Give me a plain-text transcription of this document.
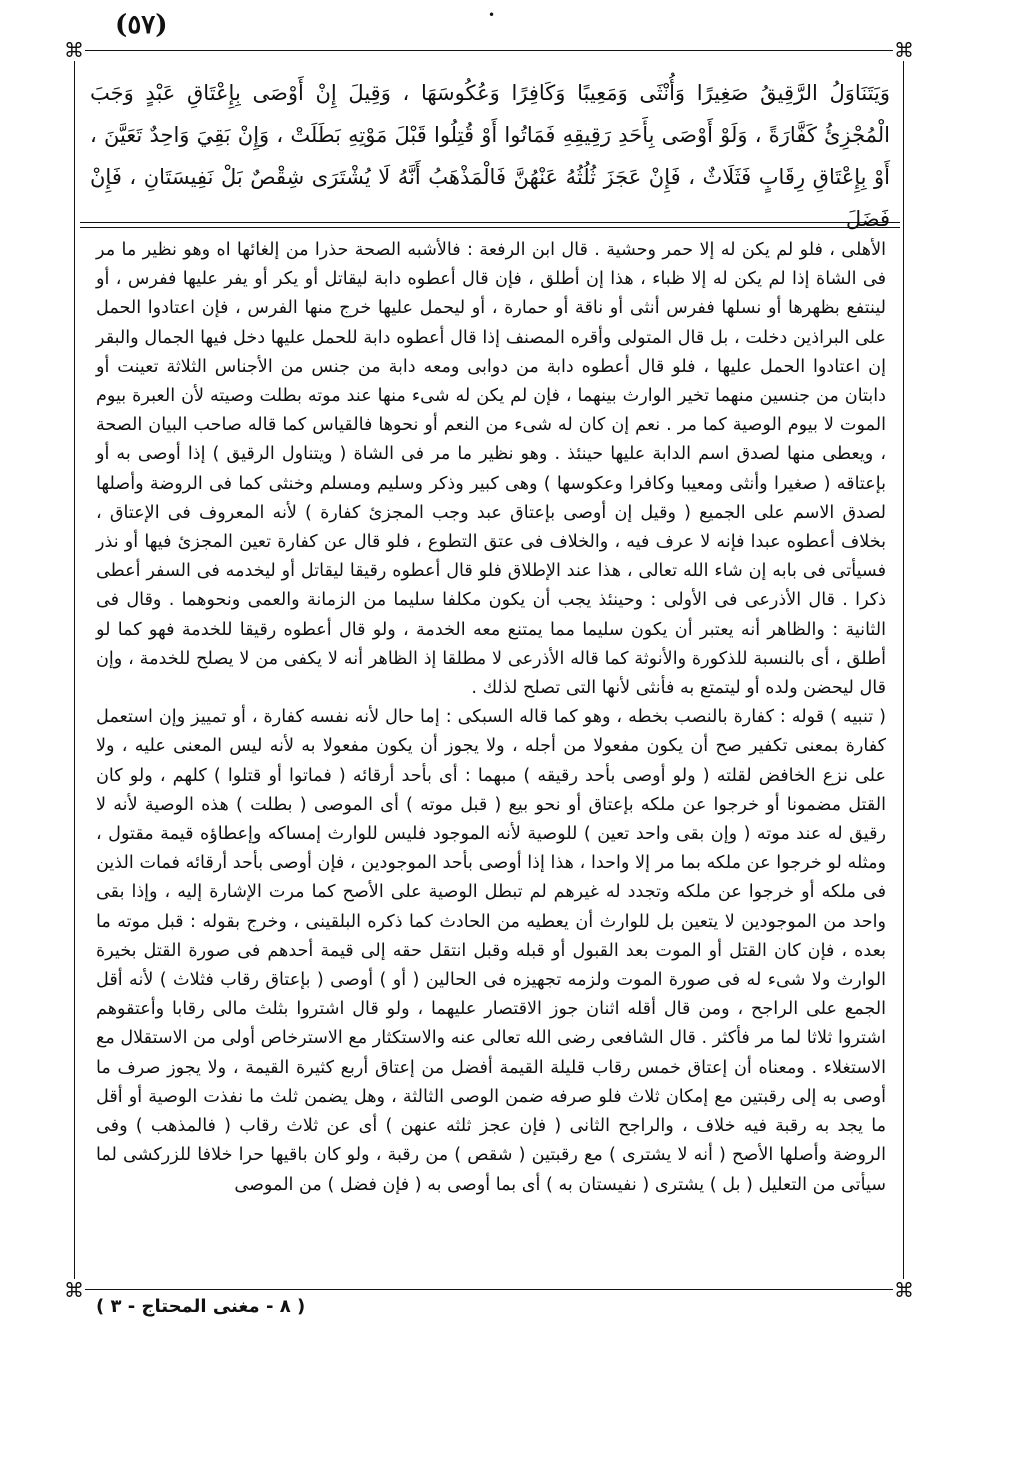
•
(٥٧)
⌘	⌘
⌘	⌘
وَيَتَنَاوَلُ الرَّقِيقُ صَغِيرًا وَأُنْثَى وَمَعِيبًا وَكَافِرًا وَعُكُوسَهَا ، وَقِيلَ إِنْ أَوْصَى بِإِعْتَاقِ عَبْدٍ وَجَبَ الْمُجْزِئُ كَفَّارَةً ، وَلَوْ أَوْصَى بِأَحَدِ رَقِيقِهِ فَمَاتُوا أَوْ قُتِلُوا قَبْلَ مَوْتِهِ بَطَلَتْ ، وَإِنْ بَقِيَ وَاحِدٌ تَعَيَّنَ ، أَوْ بِإِعْتَاقِ رِقَابٍ فَثَلَاثٌ ، فَإِنْ عَجَزَ ثُلُثُهُ عَنْهُنَّ فَالْمَذْهَبُ أَنَّهُ لَا يُشْتَرَى شِقْصٌ بَلْ نَفِيسَتَانِ ، فَإِنْ فَضَلَ

الأهلى ، فلو لم يكن له إلا حمر وحشية . قال ابن الرفعة : فالأشبه الصحة حذرا من إلغائها اه وهو نظير ما مر فى الشاة إذا لم يكن له إلا ظباء ، هذا إن أطلق ، فإن قال أعطوه دابة ليقاتل أو يكر أو يفر عليها ففرس ، أو لينتفع بظهرها أو نسلها ففرس أنثى أو ناقة أو حمارة ، أو ليحمل عليها خرج منها الفرس ، فإن اعتادوا الحمل على البراذين دخلت ، بل قال المتولى وأقره المصنف إذا قال أعطوه دابة للحمل عليها دخل فيها الجمال والبقر إن اعتادوا الحمل عليها ، فلو قال أعطوه دابة من دوابى ومعه دابة من جنس من الأجناس الثلاثة تعينت أو دابتان من جنسين منهما تخير الوارث بينهما ، فإن لم يكن له شىء منها عند موته بطلت وصيته لأن العبرة بيوم الموت لا بيوم الوصية كما مر . نعم إن كان له شىء من النعم أو نحوها فالقياس كما قاله صاحب البيان الصحة ، ويعطى منها لصدق اسم الدابة عليها حينئذ . وهو نظير ما مر فى الشاة ( ويتناول الرقيق ) إذا أوصى به أو بإعتاقه ( صغيرا وأنثى ومعيبا وكافرا وعكوسها ) وهى كبير وذكر وسليم ومسلم وخنثى كما فى الروضة وأصلها لصدق الاسم على الجميع ( وقيل إن أوصى بإعتاق عبد وجب المجزئ كفارة ) لأنه المعروف فى الإعتاق ، بخلاف أعطوه عبدا فإنه لا عرف فيه ، والخلاف فى عتق التطوع ، فلو قال عن كفارة تعين المجزئ فيها أو نذر فسيأتى فى بابه إن شاء الله تعالى ، هذا عند الإطلاق فلو قال أعطوه رقيقا ليقاتل أو ليخدمه فى السفر أعطى ذكرا . قال الأذرعى فى الأولى : وحينئذ يجب أن يكون مكلفا سليما من الزمانة والعمى ونحوهما . وقال فى الثانية : والظاهر أنه يعتبر أن يكون سليما مما يمتنع معه الخدمة ، ولو قال أعطوه رقيقا للخدمة فهو كما لو أطلق ، أى بالنسبة للذكورة والأنوثة كما قاله الأذرعى لا مطلقا إذ الظاهر أنه لا يكفى من لا يصلح للخدمة ، وإن قال ليحضن ولده أو ليتمتع به فأنثى لأنها التى تصلح لذلك .

( تنبيه ) قوله : كفارة بالنصب بخطه ، وهو كما قاله السبكى : إما حال لأنه نفسه كفارة ، أو تمييز وإن استعمل كفارة بمعنى تكفير صح أن يكون مفعولا من أجله ، ولا يجوز أن يكون مفعولا به لأنه ليس المعنى عليه ، ولا على نزع الخافض لقلته ( ولو أوصى بأحد رقيقه ) مبهما : أى بأحد أرقائه ( فماتوا أو قتلوا ) كلهم ، ولو كان القتل مضمونا أو خرجوا عن ملكه بإعتاق أو نحو بيع ( قبل موته ) أى الموصى ( بطلت ) هذه الوصية لأنه لا رقيق له عند موته ( وإن بقى واحد تعين ) للوصية لأنه الموجود فليس للوارث إمساكه وإعطاؤه قيمة مقتول ، ومثله لو خرجوا عن ملكه بما مر إلا واحدا ، هذا إذا أوصى بأحد الموجودين ، فإن أوصى بأحد أرقائه فمات الذين فى ملكه أو خرجوا عن ملكه وتجدد له غيرهم لم تبطل الوصية على الأصح كما مرت الإشارة إليه ، وإذا بقى واحد من الموجودين لا يتعين بل للوارث أن يعطيه من الحادث كما ذكره البلقينى ، وخرج بقوله : قبل موته ما بعده ، فإن كان القتل أو الموت بعد القبول أو قبله وقبل انتقل حقه إلى قيمة أحدهم فى صورة القتل بخيرة الوارث ولا شىء له فى صورة الموت ولزمه تجهيزه فى الحالين ( أو ) أوصى ( بإعتاق رقاب فثلاث ) لأنه أقل الجمع على الراجح ، ومن قال أقله اثنان جوز الاقتصار عليهما ، ولو قال اشتروا بثلث مالى رقابا وأعتقوهم اشتروا ثلاثا لما مر فأكثر . قال الشافعى رضى الله تعالى عنه والاستكثار مع الاسترخاص أولى من الاستقلال مع الاستغلاء . ومعناه أن إعتاق خمس رقاب قليلة القيمة أفضل من إعتاق أربع كثيرة القيمة ، ولا يجوز صرف ما أوصى به إلى رقبتين مع إمكان ثلاث فلو صرفه ضمن الوصى الثالثة ، وهل يضمن ثلث ما نفذت الوصية أو أقل ما يجد به رقبة فيه خلاف ، والراجح الثانى ( فإن عجز ثلثه عنهن ) أى عن ثلاث رقاب ( فالمذهب ) وفى الروضة وأصلها الأصح ( أنه لا يشترى ) مع رقبتين ( شقص ) من رقبة ، ولو كان باقيها حرا خلافا للزركشى لما سيأتى من التعليل ( بل ) يشترى ( نفيستان به ) أى بما أوصى به ( فإن فضل ) من الموصى

( ٨ - مغنى المحتاج - ٣ )
